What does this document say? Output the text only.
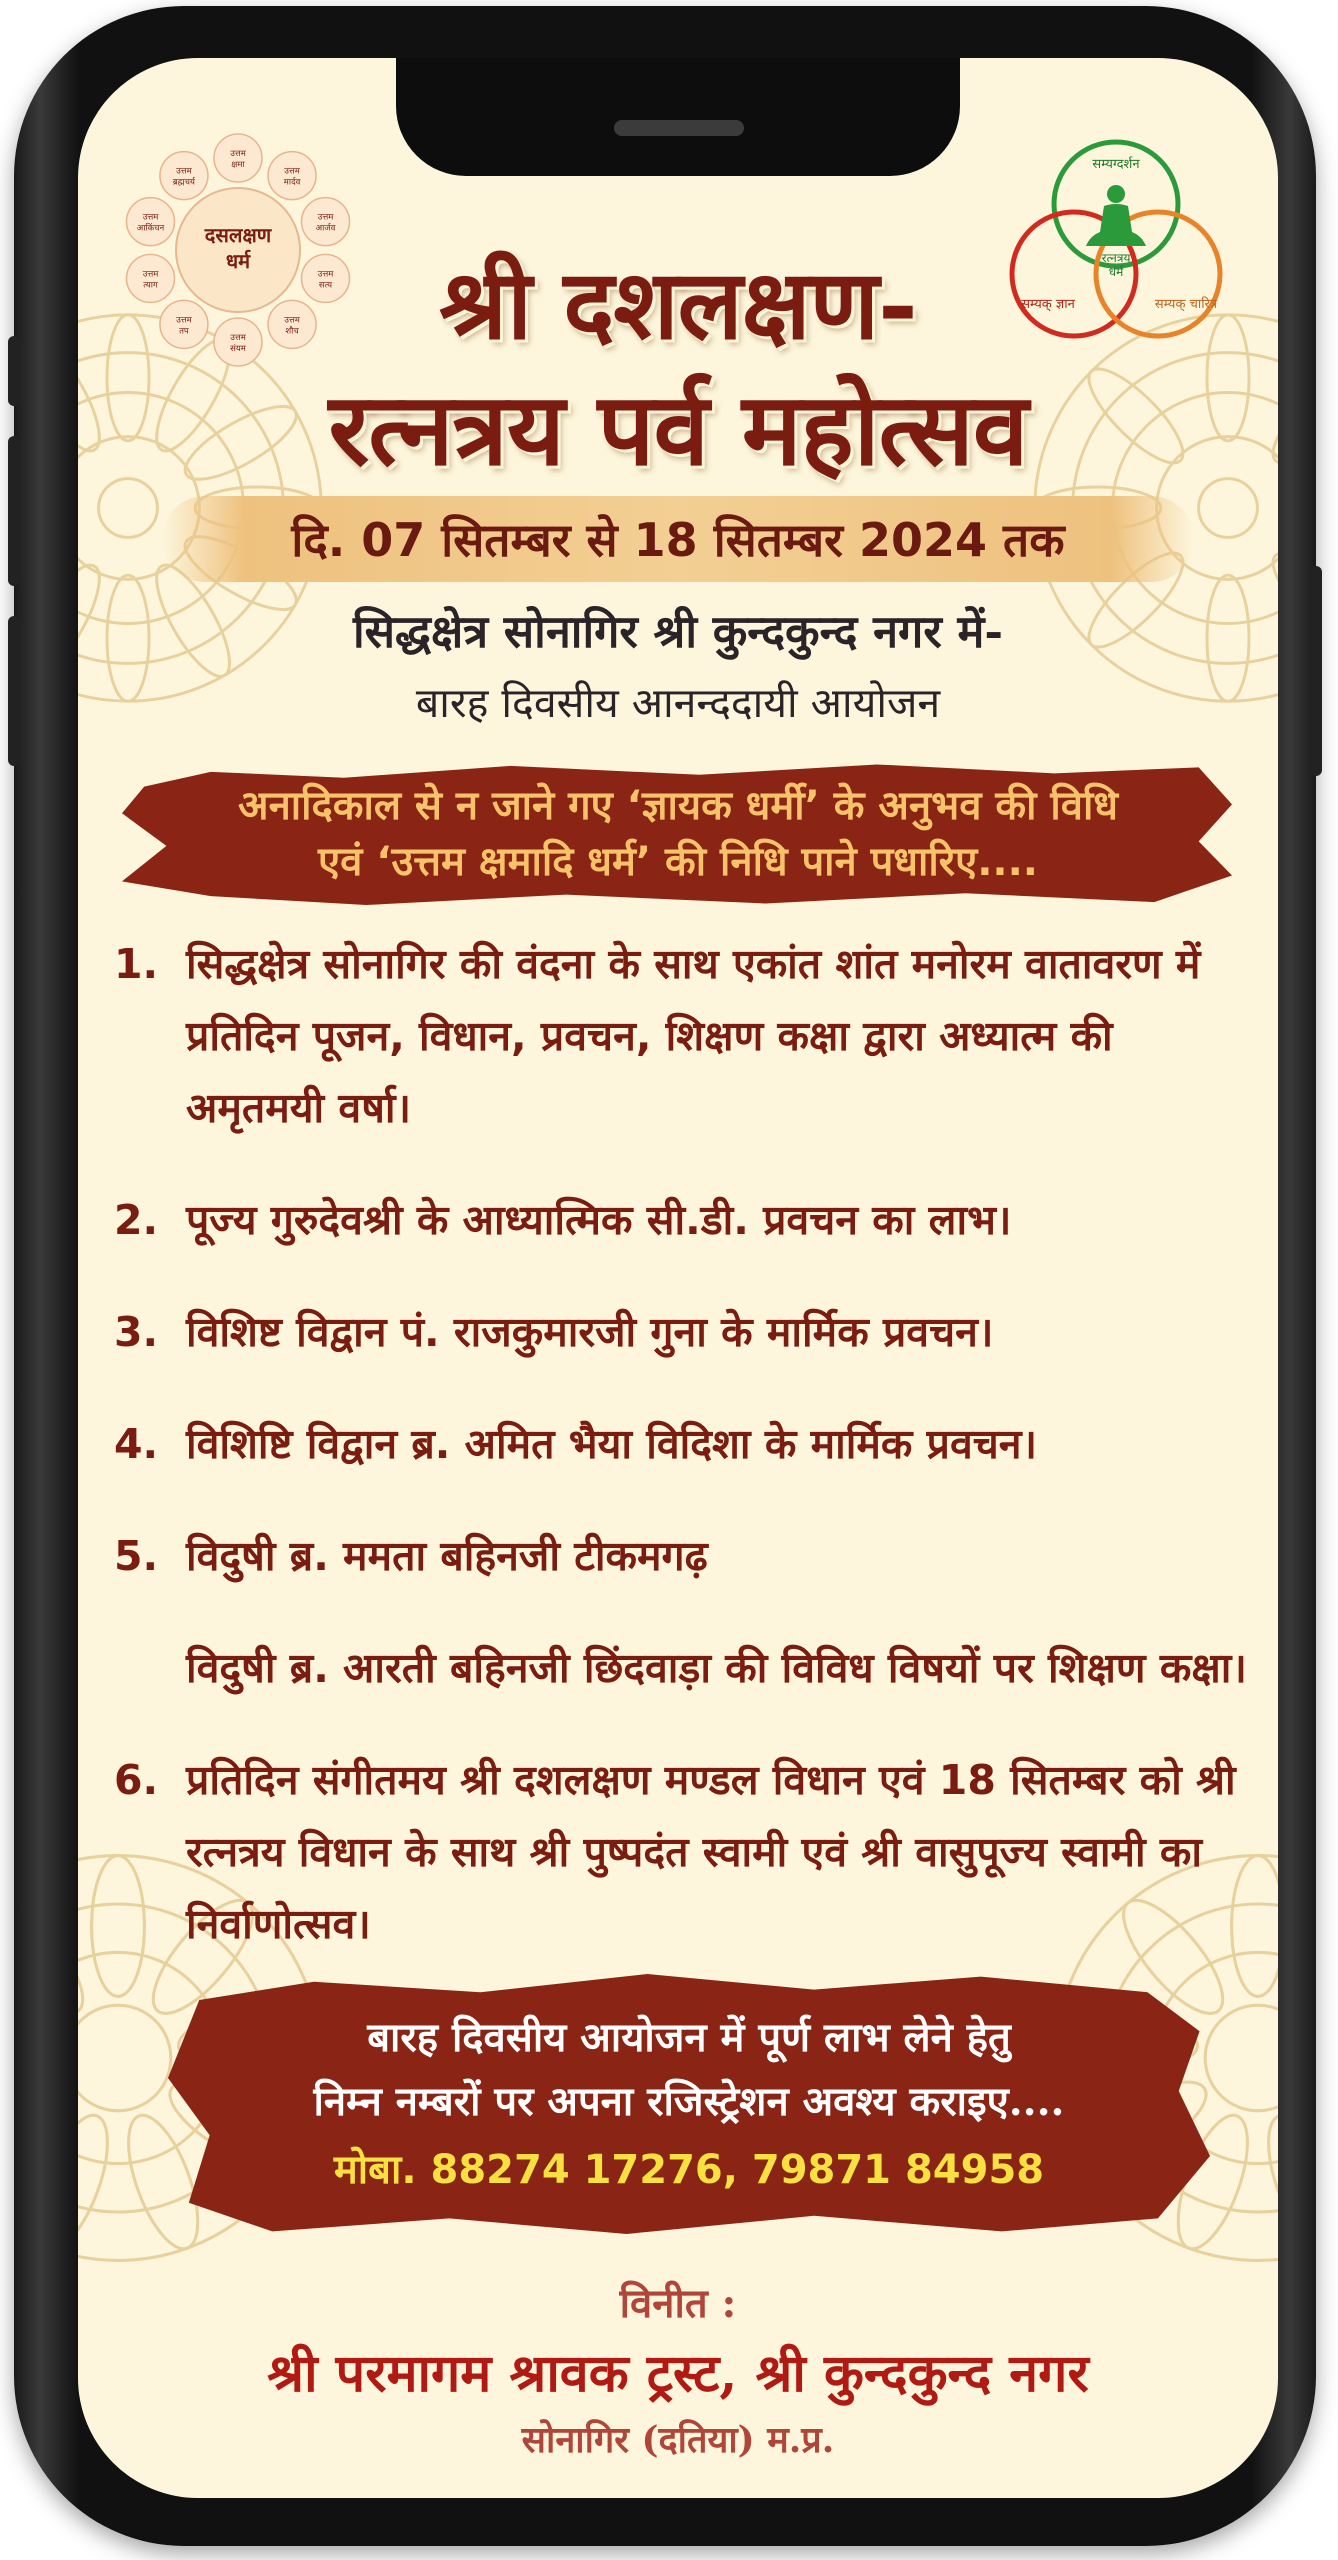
उत्तम
क्षमा
उत्तम
मार्दव
उत्तम
आर्जव
उत्तम
सत्य
उत्तम
शौच
उत्तम
संयम
उत्तम
तप
उत्तम
त्याग
उत्तम
आकिंचन
उत्तम
ब्रह्मचर्य
दसलक्षण
धर्म
सम्यग्दर्शन
रत्नत्रय
धर्म
सम्यक् ज्ञान	सम्यक् चारित्र
श्री दशलक्षण-
रत्नत्रय पर्व महोत्सव
दि. 07 सितम्बर से 18 सितम्बर 2024 तक
सिद्धक्षेत्र सोनागिर श्री कुन्दकुन्द नगर में-
बारह दिवसीय आनन्ददायी आयोजन
अनादिकाल से न जाने गए ‘ज्ञायक धर्मी’ के अनुभव की विधि
एवं ‘उत्तम क्षमादि धर्म’ की निधि पाने पधारिए....
1. सिद्धक्षेत्र सोनागिर की वंदना के साथ एकांत शांत मनोरम वातावरण में प्रतिदिन पूजन, विधान, प्रवचन, शिक्षण कक्षा द्वारा अध्यात्म की अमृतमयी वर्षा।
2. पूज्य गुरुदेवश्री के आध्यात्मिक सी.डी. प्रवचन का लाभ।
3. विशिष्ट विद्वान पं. राजकुमारजी गुना के मार्मिक प्रवचन।
4. विशिष्टि विद्वान ब्र. अमित भैया विदिशा के मार्मिक प्रवचन।
5. विदुषी ब्र. ममता बहिनजी टीकमगढ़
विदुषी ब्र. आरती बहिनजी छिंदवाड़ा की विविध विषयों पर शिक्षण कक्षा।
6. प्रतिदिन संगीतमय श्री दशलक्षण मण्डल विधान एवं 18 सितम्बर को श्री रत्नत्रय विधान के साथ श्री पुष्पदंत स्वामी एवं श्री वासुपूज्य स्वामी का निर्वाणोत्सव।
बारह दिवसीय आयोजन में पूर्ण लाभ लेने हेतु
निम्न नम्बरों पर अपना रजिस्ट्रेशन अवश्य कराइए....
मोबा. 88274 17276, 79871 84958
विनीत :
श्री परमागम श्रावक ट्रस्ट, श्री कुन्दकुन्द नगर
सोनागिर (दतिया) म.प्र.
